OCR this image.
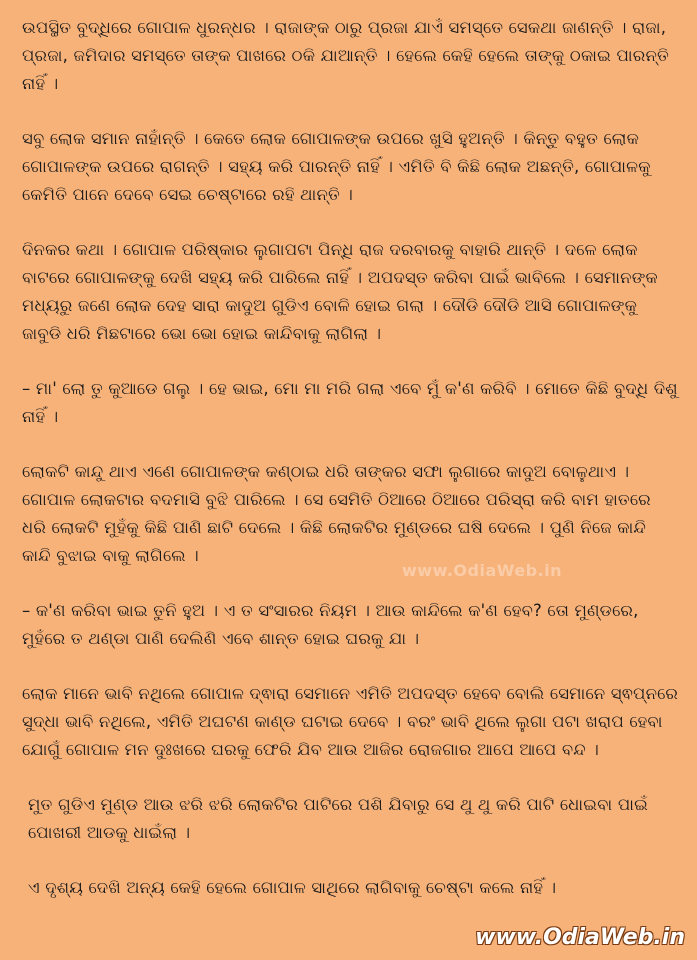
ଉପସ୍ଥିତ ବୁଦ୍ଧିରେ ଗୋପାଳ ଧୁରନ୍ଧର । ରାଜାଙ୍କ ଠାରୁ ପ୍ରଜା ଯାଏଁ ସମସ୍ତେ ସେକଥା ଜାଣନ୍ତି । ରାଜା, ପ୍ରଜା, ଜମିଦାର ସମସ୍ତେ ତାଙ୍କ ପାଖରେ ଠକି ଯାଆନ୍ତି । ହେଲେ କେହି ହେଲେ ତାଙ୍କୁ ଠକାଇ ପାରନ୍ତି ନାହିଁ ।

ସବୁ ଲୋକ ସମାନ ନାହାଁନ୍ତି । କେତେ ଲୋକ ଗୋପାଳଙ୍କ ଉପରେ ଖୁସି ହୁଅନ୍ତି । କିନ୍ତୁ ବହୁତ ଲୋକ ଗୋପାଳଙ୍କ ଉପରେ ରାଗନ୍ତି । ସହ୍ୟ କରି ପାରନ୍ତି ନାହିଁ । ଏମିତି ବି କିଛି ଲୋକ ଅଛନ୍ତି, ଗୋପାଳକୁ କେମିତି ପାନେ ଦେବେ ସେଇ ଚେଷ୍ଟାରେ ରହି ଥାନ୍ତି ।

ଦିନକର କଥା । ଗୋପାଳ ପରିଷ୍କାର ଲୁଗାପଟା ପିନ୍ଧି ରାଜ ଦରବାରକୁ ବାହାରି ଥାନ୍ତି । ଦଳେ ଲୋକ ବାଟରେ ଗୋପାଳଙ୍କୁ ଦେଖି ସହ୍ୟ କରି ପାରିଲେ ନାହିଁ । ଅପଦସ୍ତ କରିବା ପାଇଁ ଭାବିଲେ । ସେମାନଙ୍କ ମଧ୍ୟରୁ ଜଣେ ଲୋକ ଦେହ ସାରା କାଦୁଅ ଗୁଡିଏ ବୋଳି ହୋଇ ଗଲା । ଦୌଡି ଦୌଡି ଆସି ଗୋପାଳଙ୍କୁ ଜାବୁଡି ଧରି ମିଛଟାରେ ଭୋ ଭୋ ହୋଇ କାନ୍ଦିବାକୁ ଲାଗିଲା ।

– ମା' ଲୋ ତୁ କୁଆଡେ ଗଲୁ । ହେ ଭାଇ, ମୋ ମା ମରି ଗଲା ଏବେ ମୁଁ କ'ଣ କରିବି । ମୋତେ କିଛି ବୁଦ୍ଧି ଦିଶୁ ନାହିଁ ।

ଲୋକଟି କାନ୍ଦୁ ଥାଏ ଏଣେ ଗୋପାଳଙ୍କ କଣ୍ଠାଇ ଧରି ତାଙ୍କର ସଫା ଲୁଗାରେ କାଦୁଅ ବୋଳୁଥାଏ । ଗୋପାଳ ଲୋକଟାର ବଦମାସି ବୁଝି ପାରିଲେ । ସେ ସେମିତି ଠିଆରେ ଠିଆରେ ପରିସ୍ରା କରି ବାମ ହାତରେ ଧରି ଲୋକଟି ମୁହଁକୁ କିଛି ପାଣି ଛାଟି ଦେଲେ । କିଛି ଲୋକଟିର ମୁଣ୍ଡରେ ଘଷି ଦେଲେ । ପୁଣି ନିଜେ କାନ୍ଦି କାନ୍ଦି ବୁଝାଇ ବାକୁ ଲାଗିଲେ ।

– କ'ଣ କରିବା ଭାଇ ତୁନି ହୁଅ । ଏ ତ ସଂସାରର ନିୟମ । ଆଉ କାନ୍ଦିଲେ କ'ଣ ହେବ? ତୋ ମୁଣ୍ଡରେ, ମୁହଁରେ ତ ଥଣ୍ଡା ପାଣି ଦେଲିଣି ଏବେ ଶାନ୍ତ ହୋଇ ଘରକୁ ଯା ।

ଲୋକ ମାନେ ଭାବି ନଥିଲେ ଗୋପାଳ ଦ୍ଵାରା ସେମାନେ ଏମିତି ଅପଦସ୍ତ ହେବେ ବୋଲି ସେମାନେ ସ୍ଵପ୍ନରେ ସୁଦ୍ଧା ଭାବି ନଥିଲେ, ଏମିତି ଅଘଟଣ କାଣ୍ଡ ଘଟାଇ ଦେବେ । ବରଂ ଭାବି ଥିଲେ ଲୁଗା ପଟା ଖରାପ ହେବା ଯୋଗୁଁ ଗୋପାଳ ମନ ଦୁଃଖରେ ଘରକୁ ଫେରି ଯିବ ଆଉ ଆଜିର ରୋଜଗାର ଆପେ ଆପେ ବନ୍ଦ ।

ମୁତ ଗୁଡିଏ ମୁଣ୍ଡ ଆଉ ଝରି ଝରି ଲୋକଟିର ପାଟିରେ ପଶି ଯିବାରୁ ସେ ଥୁ ଥୁ କରି ପାଟି ଧୋଇବା ପାଇଁ ପୋଖରୀ ଆଡକୁ ଧାଇଁଲା ।

ଏ ଦୃଶ୍ୟ ଦେଖି ଅନ୍ୟ କେହି ହେଲେ ଗୋପାଳ ସାଥିରେ ଲାଗିବାକୁ ଚେଷ୍ଟା କଲେ ନାହିଁ ।

www.OdiaWeb.in
www.OdiaWeb.in
